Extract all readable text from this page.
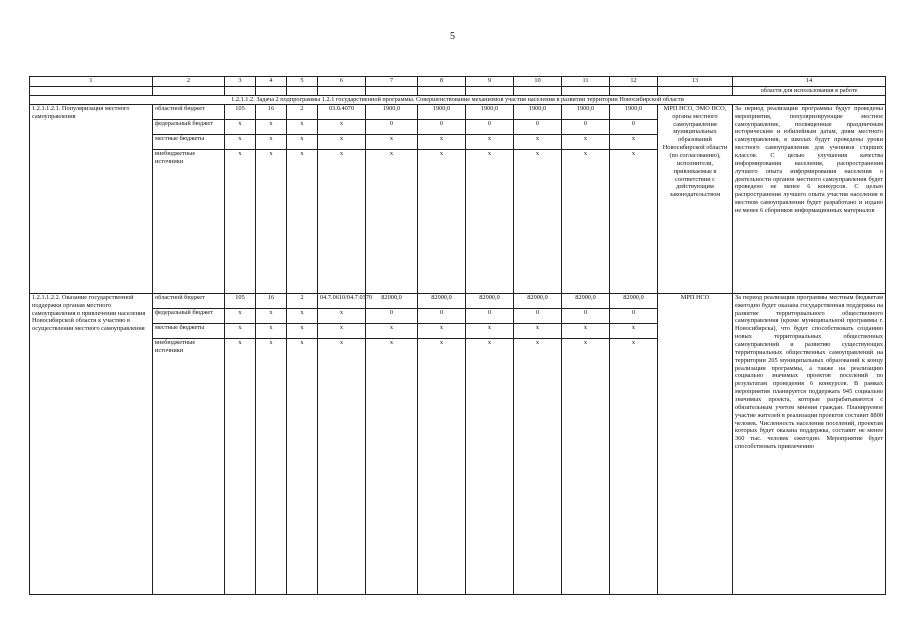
5
1	2	3	4	5	6	7	8	9	10	11	12	13	14
													области для использования в работе
1.2.1.1.2. Задача 2 подпрограммы 1.2.1 государственной программы. Совершенствование механизмов участия населения в развитии территории Новосибирской области													
1.2.1.1.2.1. Популяризация местного самоуправления	областной бюджет	105	16	2	03.0.4070	1900,0	1900,0	1900,0	1900,0	1900,0	1900,0	МРП НСО, ЭМО НСО, органы местного самоуправления муниципальных образований Новосибирской области (по согласованию), исполнители, привлекаемые в соответствии с действующим законодательством	За период реализации программы будут проведены мероприятия, популяризирующие местное самоуправление, посвященные праздничным историческим и юбилейным датам, дням местного самоуправления, в школах будут проведены уроки местного самоуправления для учеников старших классов. С целью улучшения качества информирования населения, распространения лучшего опыта информирования населения о деятельности органов местного самоуправления будет проведено не менее 6 конкурсов. С целью распространения лучшего опыта участия населения в местном самоуправлении будет разработано и издано не менее 6 сборников информационных материалов
	федеральный бюджет	x	x	x	x	0	0	0	0	0	0		
	местные бюджеты	x	x	x	x	x	x	x	x	x	x		
	внебюджетные источники	x	x	x	x	x	x	x	x	x	x		
1.2.1.1.2.2. Оказание государственной поддержки органам местного самоуправления в привлечении населения Новосибирской области к участию в осуществлении местного самоуправления	областной бюджет	105	16	2	04.7.0610/04.7.0370	82000,0	82000,0	82000,0	82000,0	82000,0	82000,0	МРП НСО	За период реализации программы местным бюджетам ежегодно будет оказана государственная поддержка на развитие территориального общественного самоуправления (кроме муниципальной программы г. Новосибирска), что будет способствовать созданию новых территориальных общественных самоуправлений и развитию существующих территориальных общественных самоуправлений на территории 205 муниципальных образований к концу реализации программы, а также на реализацию социально значимых проектов поселений по результатам проведения 6 конкурсов. В рамках мероприятия планируется поддержать 945 социально значимых проекта, которые разрабатываются с обязательным учетом мнения граждан. Планируемое участие жителей в реализации проектов составит 8800 человек. Численность населения поселений, проектам которых будет оказана поддержка, составит не менее 360 тыс. человек ежегодно. Мероприятие будет способствовать привлечению
	федеральный бюджет	x	x	x	x	0	0	0	0	0	0		
	местные бюджеты	x	x	x	x	x	x	x	x	x	x		
	внебюджетные источники	x	x	x	x	x	x	x	x	x	x		
